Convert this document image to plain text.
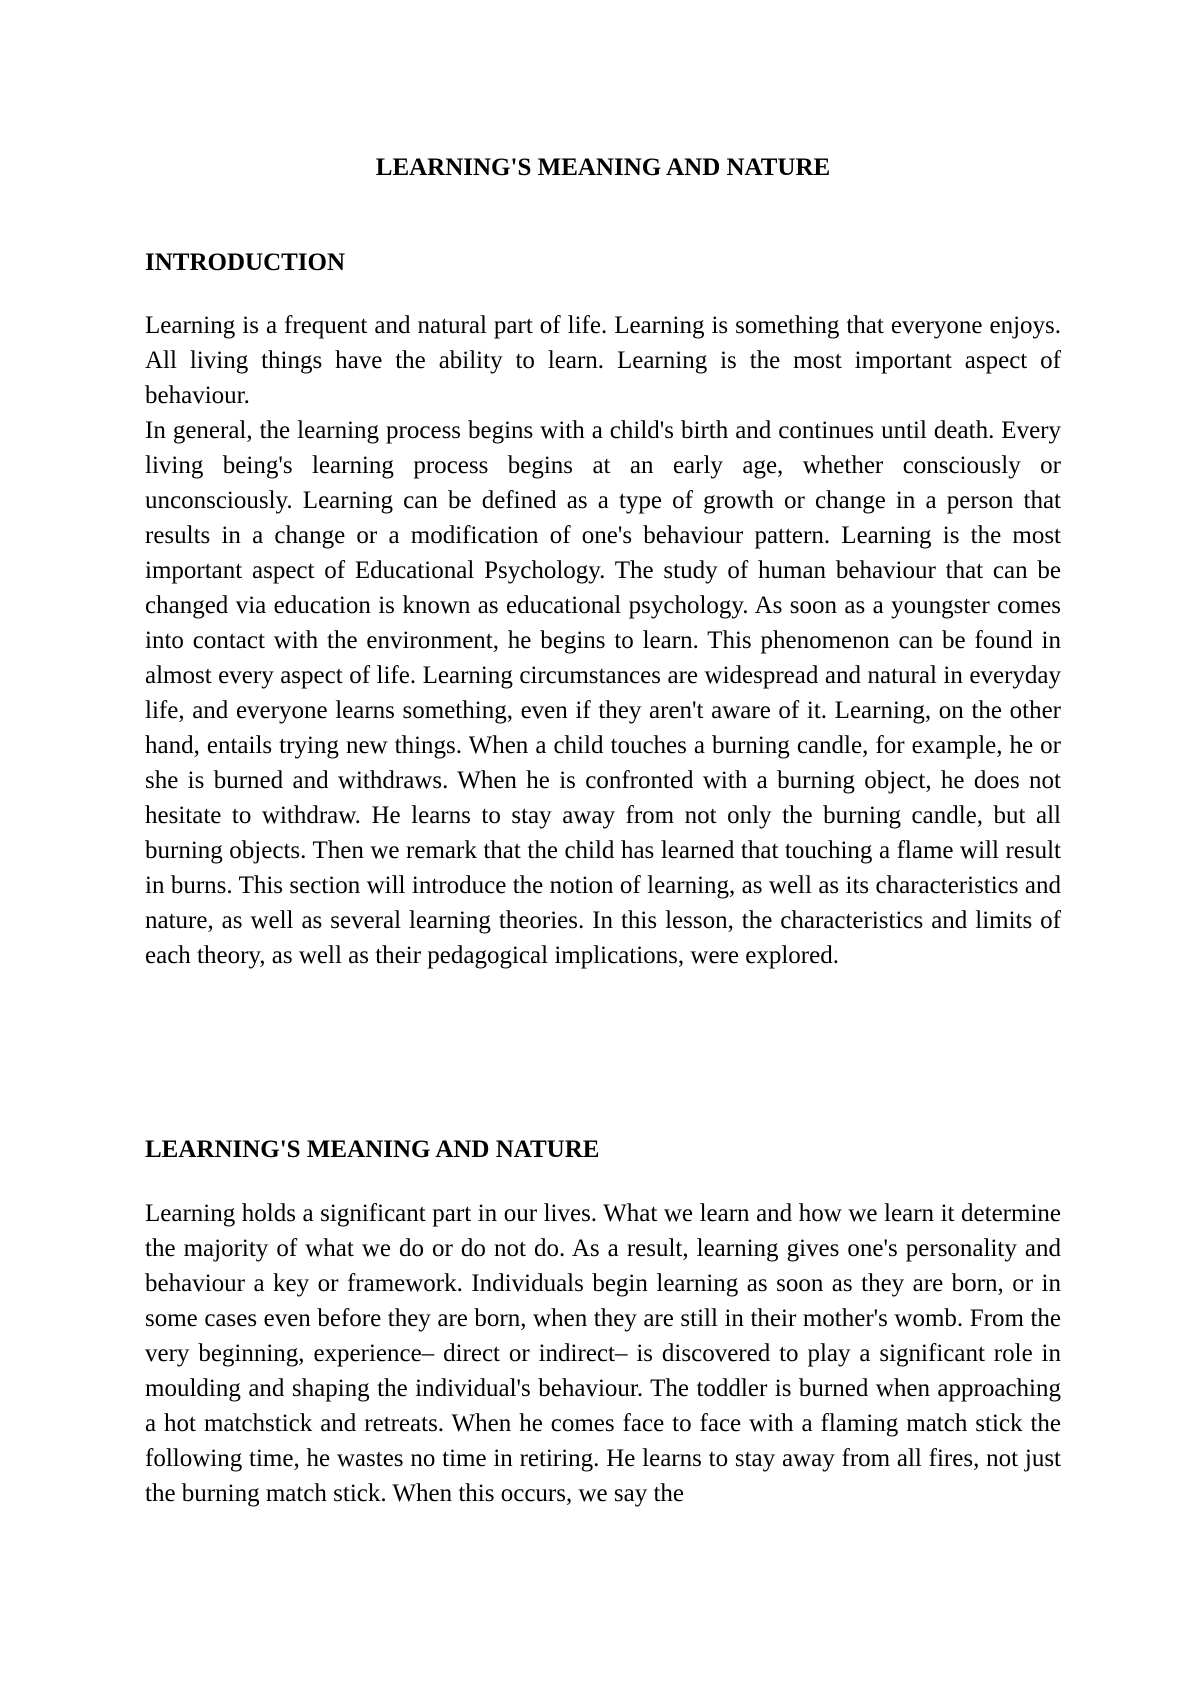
LEARNING'S MEANING AND NATURE
INTRODUCTION

Learning is a frequent and natural part of life. Learning is something that everyone enjoys. All living things have the ability to learn. Learning is the most important aspect of behaviour.

In general, the learning process begins with a child's birth and continues until death. Every living being's learning process begins at an early age, whether consciously or unconsciously. Learning can be defined as a type of growth or change in a person that results in a change or a modification of one's behaviour pattern. Learning is the most important aspect of Educational Psychology. The study of human behaviour that can be changed via education is known as educational psychology. As soon as a youngster comes into contact with the environment, he begins to learn. This phenomenon can be found in almost every aspect of life. Learning circumstances are widespread and natural in everyday life, and everyone learns something, even if they aren't aware of it. Learning, on the other hand, entails trying new things. When a child touches a burning candle, for example, he or she is burned and withdraws. When he is confronted with a burning object, he does not hesitate to withdraw. He learns to stay away from not only the burning candle, but all burning objects. Then we remark that the child has learned that touching a flame will result in burns. This section will introduce the notion of learning, as well as its characteristics and nature, as well as several learning theories. In this lesson, the characteristics and limits of each theory, as well as their pedagogical implications, were explored.

LEARNING'S MEANING AND NATURE

Learning holds a significant part in our lives. What we learn and how we learn it determine the majority of what we do or do not do. As a result, learning gives one's personality and behaviour a key or framework. Individuals begin learning as soon as they are born, or in some cases even before they are born, when they are still in their mother's womb. From the very beginning, experience– direct or indirect– is discovered to play a significant role in moulding and shaping the individual's behaviour. The toddler is burned when approaching a hot matchstick and retreats. When he comes face to face with a flaming match stick the following time, he wastes no time in retiring. He learns to stay away from all fires, not just the burning match stick. When this occurs, we say the
